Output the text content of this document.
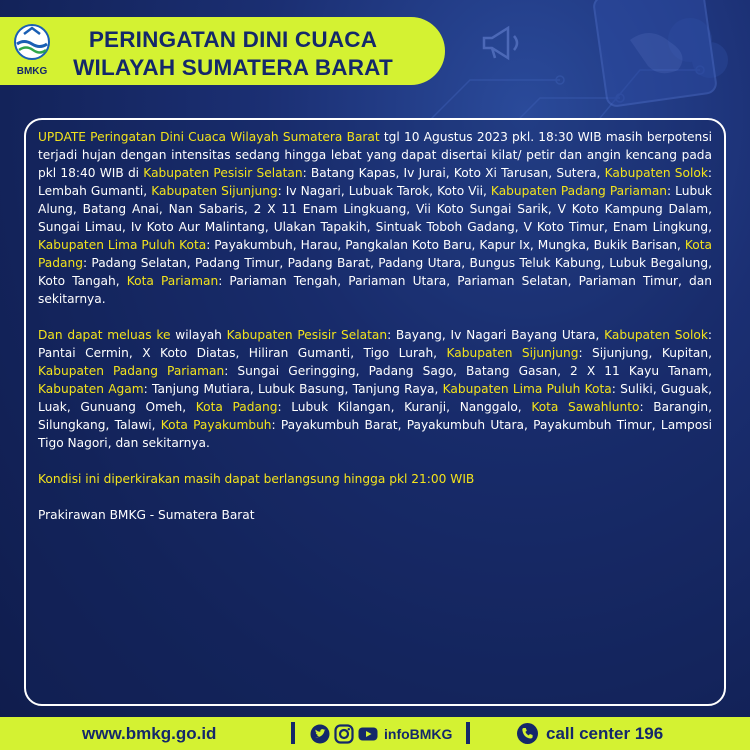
BMKG
PERINGATAN DINI CUACA
WILAYAH SUMATERA BARAT

UPDATE Peringatan Dini Cuaca Wilayah Sumatera Barat tgl 10 Agustus 2023 pkl. 18:30 WIB masih berpotensi terjadi hujan dengan intensitas sedang hingga lebat yang dapat disertai kilat/ petir dan angin kencang pada pkl 18:40 WIB di Kabupaten Pesisir Selatan: Batang Kapas, Iv Jurai, Koto Xi Tarusan, Sutera, Kabupaten Solok: Lembah Gumanti, Kabupaten Sijunjung: Iv Nagari, Lubuak Tarok, Koto Vii, Kabupaten Padang Pariaman: Lubuk Alung, Batang Anai, Nan Sabaris, 2 X 11 Enam Lingkuang, Vii Koto Sungai Sarik, V Koto Kampung Dalam, Sungai Limau, Iv Koto Aur Malintang, Ulakan Tapakih, Sintuak Toboh Gadang, V Koto Timur, Enam Lingkung, Kabupaten Lima Puluh Kota: Payakumbuh, Harau, Pangkalan Koto Baru, Kapur Ix, Mungka, Bukik Barisan, Kota Padang: Padang Selatan, Padang Timur, Padang Barat, Padang Utara, Bungus Teluk Kabung, Lubuk Begalung, Koto Tangah, Kota Pariaman: Pariaman Tengah, Pariaman Utara, Pariaman Selatan, Pariaman Timur, dan sekitarnya.

Dan dapat meluas ke wilayah Kabupaten Pesisir Selatan: Bayang, Iv Nagari Bayang Utara, Kabupaten Solok: Pantai Cermin, X Koto Diatas, Hiliran Gumanti, Tigo Lurah, Kabupaten Sijunjung: Sijunjung, Kupitan, Kabupaten Padang Pariaman: Sungai Geringging, Padang Sago, Batang Gasan, 2 X 11 Kayu Tanam, Kabupaten Agam: Tanjung Mutiara, Lubuk Basung, Tanjung Raya, Kabupaten Lima Puluh Kota: Suliki, Guguak, Luak, Gunuang Omeh, Kota Padang: Lubuk Kilangan, Kuranji, Nanggalo, Kota Sawahlunto: Barangin, Silungkang, Talawi, Kota Payakumbuh: Payakumbuh Barat, Payakumbuh Utara, Payakumbuh Timur, Lamposi Tigo Nagori, dan sekitarnya.

Kondisi ini diperkirakan masih dapat berlangsung hingga pkl 21:00 WIB

Prakirawan BMKG - Sumatera Barat

www.bmkg.go.id	infoBMKG	call center 196
